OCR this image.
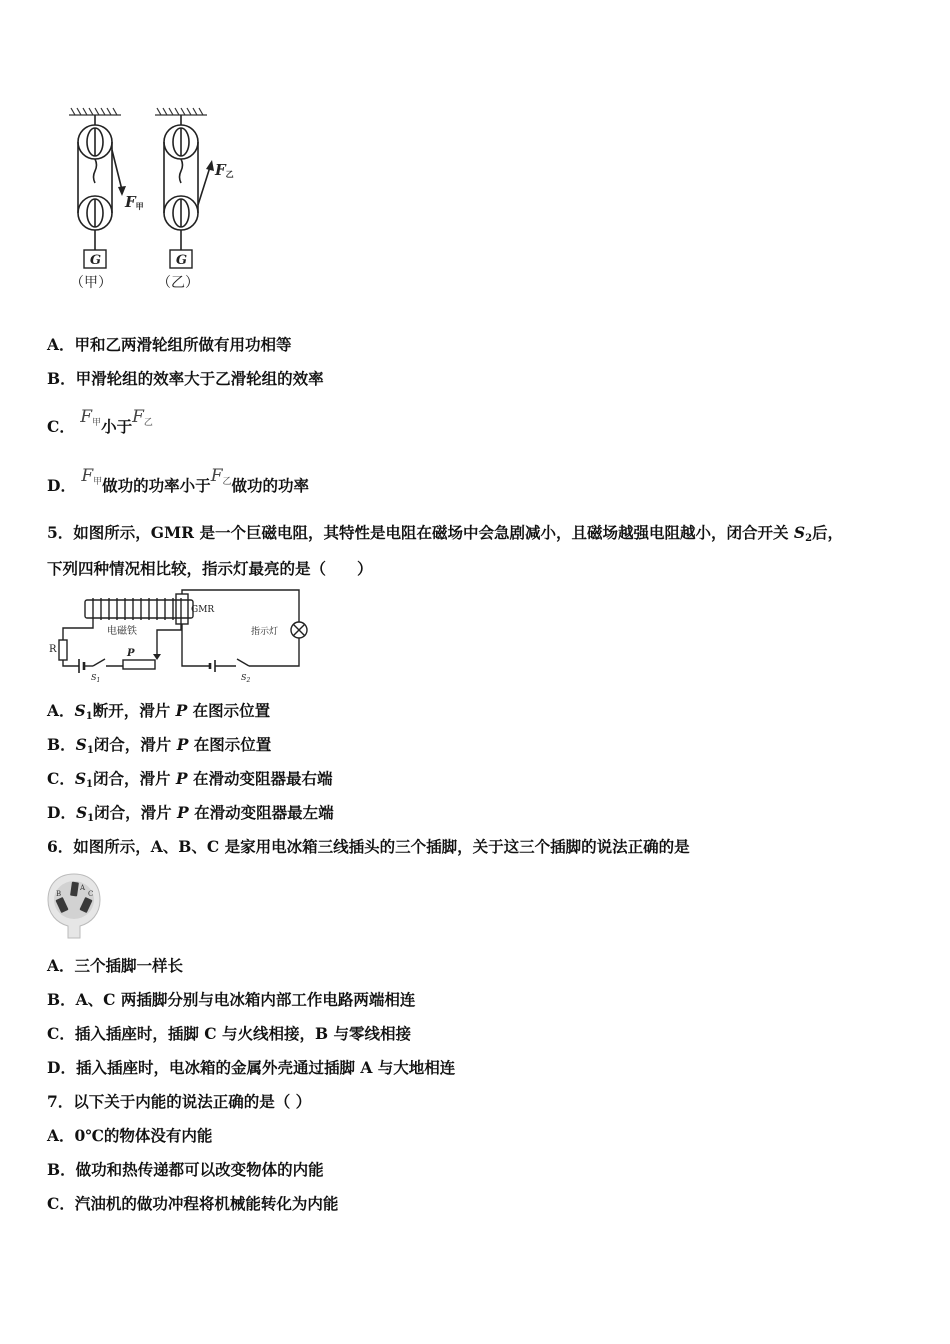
F甲
F乙
G	G
（甲）	（乙）
A．甲和乙两滑轮组所做有用功相等
B．甲滑轮组的效率大于乙滑轮组的效率
C． F甲小于F乙
D． F甲做功的功率小于F乙做功的功率
5．如图所示，GMR 是一个巨磁电阻，其特性是电阻在磁场中会急剧减小，且磁场越强电阻越小，闭合开关 $S_2$后，
下列四种情况相比较，指示灯最亮的是（　　）
电磁铁
R	P
$S_1$
GMR
指示灯
$S_2$
A．$S_1$断开，滑片 P 在图示位置
B．$S_1$闭合，滑片 P 在图示位置
C．$S_1$闭合，滑片 P 在滑动变阻器最右端
D．$S_1$闭合，滑片 P 在滑动变阻器最左端
6．如图所示，A、B、C 是家用电冰箱三线插头的三个插脚，关于这三个插脚的说法正确的是
A
B	C
A．三个插脚一样长
B．A、C 两插脚分别与电冰箱内部工作电路两端相连
C．插入插座时，插脚 C 与火线相接，B 与零线相接
D．插入插座时，电冰箱的金属外壳通过插脚 A 与大地相连
7．以下关于内能的说法正确的是（ ）
A．0℃的物体没有内能
B．做功和热传递都可以改变物体的内能
C．汽油机的做功冲程将机械能转化为内能
